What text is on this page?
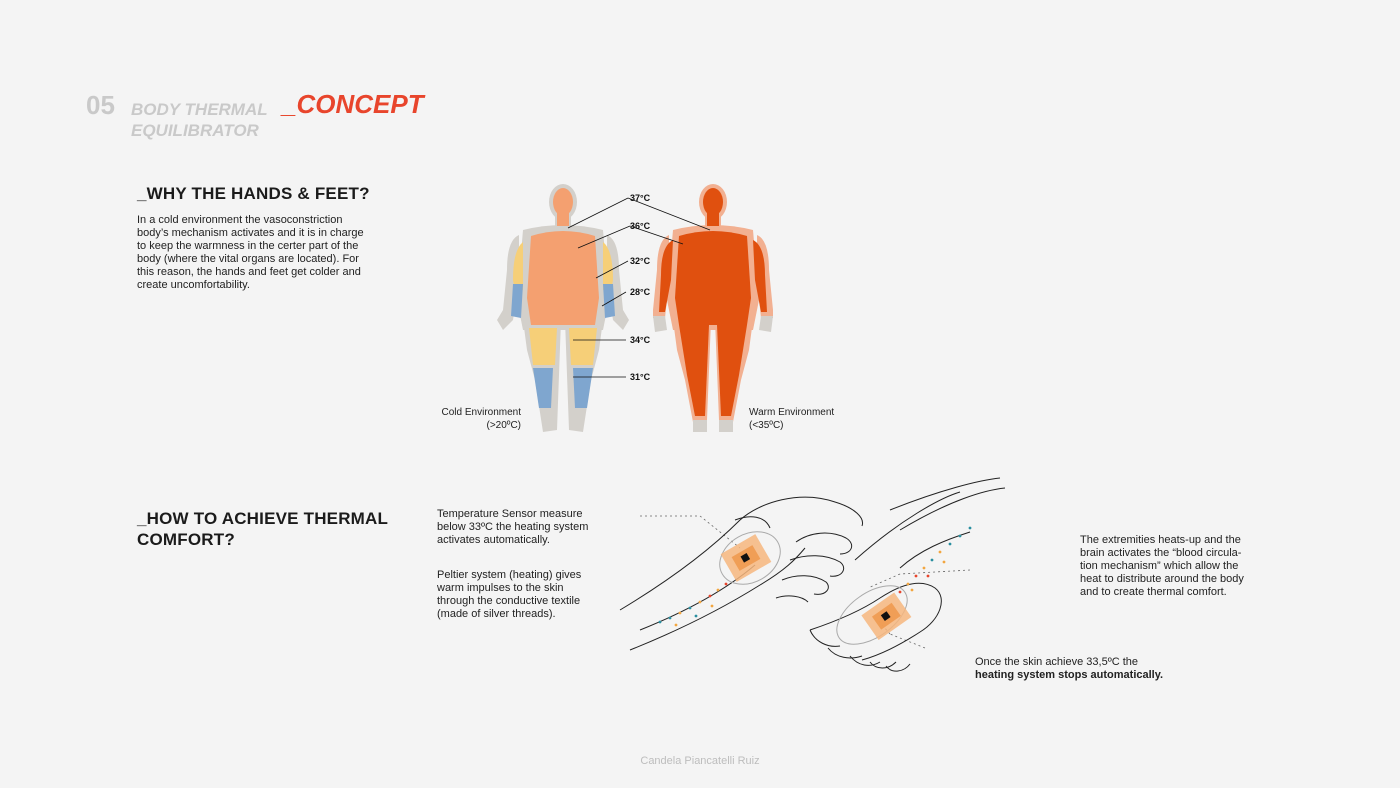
05 BODY THERMAL
EQUILIBRATOR
_CONCEPT
_WHY THE HANDS & FEET?
In a cold environment the vasoconstriction
body’s mechanism activates and it is in charge
to keep the warmness in the certer part of the
body (where the vital organs are located). For
this reason, the hands and feet get colder and
create uncomfortability.
37°C
36°C
32°C
28°C
34°C
31°C
Cold Environment
(>20ºC)
Warm Environment
(<35ºC)
_HOW TO ACHIEVE THERMAL
COMFORT?
Temperature Sensor measure
below 33ºC the heating system
activates automatically.
Peltier system (heating) gives
warm impulses to the skin
through the conductive textile
(made of silver threads).
The extremities heats-up and the
brain activates the “blood circula-
tion mechanism” which allow the
heat to distribute around the body
and to create thermal comfort.
Once the skin achieve 33,5ºC the
heating system stops automatically.
Candela Piancatelli Ruiz
